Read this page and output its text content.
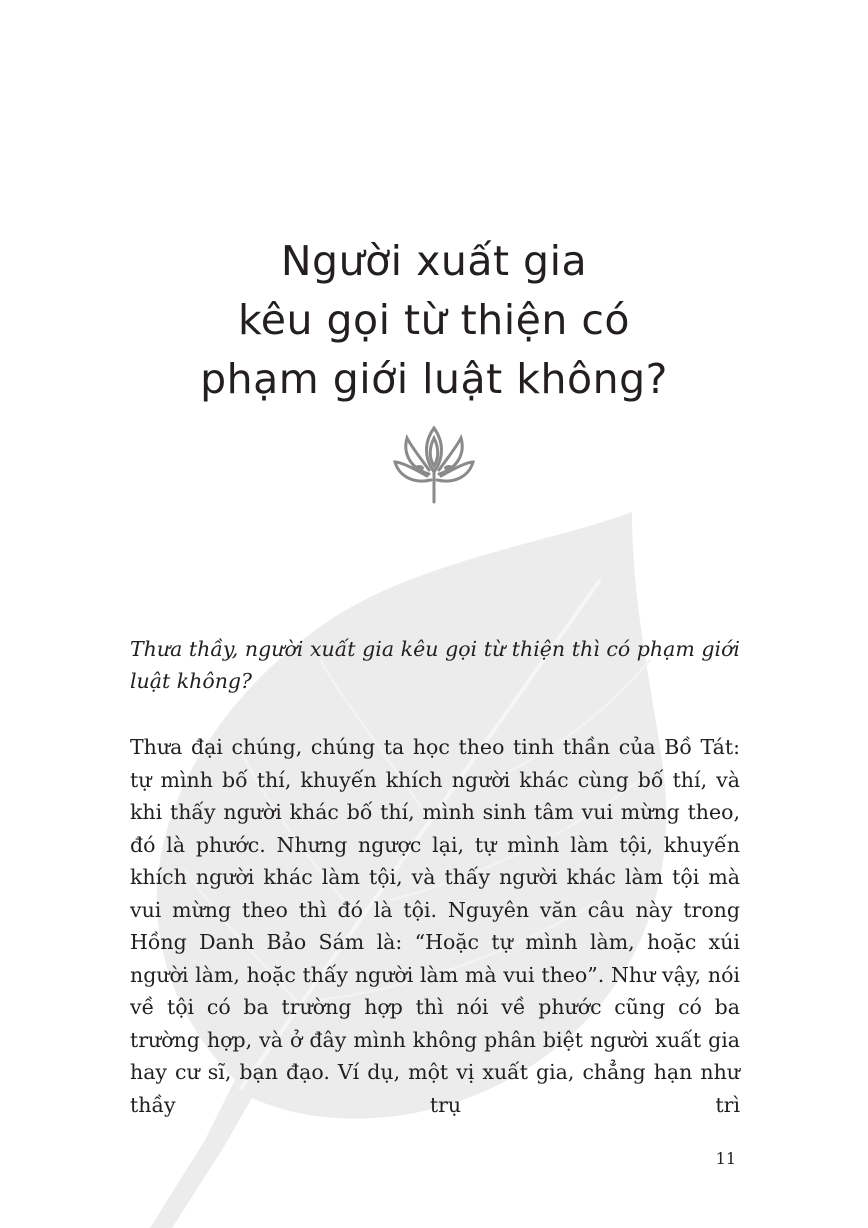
Người xuất gia
kêu gọi từ thiện có
phạm giới luật không?

Thưa thầy, người xuất gia kêu gọi từ thiện thì có phạm giới luật không?

Thưa đại chúng, chúng ta học theo tinh thần của Bồ Tát: tự mình bố thí, khuyến khích người khác cùng bố thí, và khi thấy người khác bố thí, mình sinh tâm vui mừng theo, đó là phước. Nhưng ngược lại, tự mình làm tội, khuyến khích người khác làm tội, và thấy người khác làm tội mà vui mừng theo thì đó là tội. Nguyên văn câu này trong Hồng Danh Bảo Sám là: “Hoặc tự mình làm, hoặc xúi người làm, hoặc thấy người làm mà vui theo”. Như vậy, nói về tội có ba trường hợp thì nói về phước cũng có ba trường hợp, và ở đây mình không phân biệt người xuất gia hay cư sĩ, bạn đạo. Ví dụ, một vị xuất gia, chẳng hạn như thầy trụ trì

11
